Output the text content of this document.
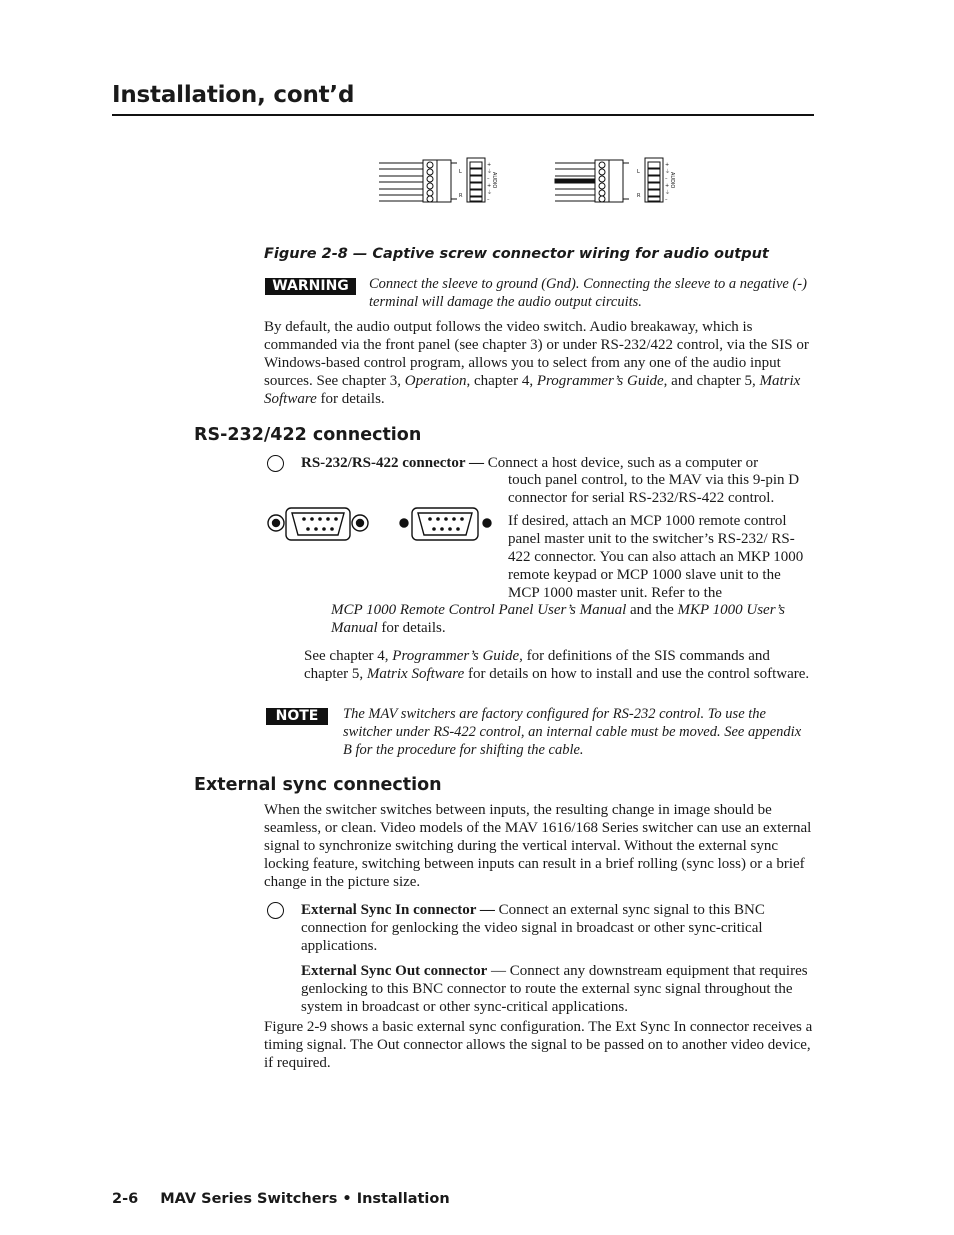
Installation, cont’d
L
R
+
⏚
–
+
⏚
–
AUDIO	L
R
+
⏚
–
+
⏚
–
AUDIO
Figure 2-8 — Captive screw connector wiring for audio output
WARNING	Connect the sleeve to ground (Gnd). Connecting the sleeve to a negative (-) terminal will damage the audio output circuits.
By default, the audio output follows the video switch. Audio breakaway, which is commanded via the front panel (see chapter 3) or under RS-232/422 control, via the SIS or Windows-based control program, allows you to select from any one of the audio input sources. See chapter 3, Operation, chapter 4, Programmer’s Guide, and chapter 5, Matrix Software for details.
RS-232/422 connection
RS-232/RS-422 connector — Connect a host device, such as a computer or
touch panel control, to the MAV via this 9-pin D connector for serial RS-232/RS-422 control.
If desired, attach an MCP 1000 remote control panel master unit to the switcher’s RS-232/ RS-422 connector. You can also attach an MKP 1000 remote keypad or MCP 1000 slave unit to the MCP 1000 master unit. Refer to the
MCP 1000 Remote Control Panel User’s Manual and the MKP 1000 User’s Manual for details.
See chapter 4, Programmer’s Guide, for definitions of the SIS commands and chapter 5, Matrix Software for details on how to install and use the control software.
NOTE	The MAV switchers are factory configured for RS-232 control. To use the switcher under RS-422 control, an internal cable must be moved. See appendix B for the procedure for shifting the cable.
External sync connection
When the switcher switches between inputs, the resulting change in image should be seamless, or clean. Video models of the MAV 1616/168 Series switcher can use an external signal to synchronize switching during the vertical interval. Without the external sync locking feature, switching between inputs can result in a brief rolling (sync loss) or a brief change in the picture size.
External Sync In connector — Connect an external sync signal to this BNC connection for genlocking the video signal in broadcast or other sync-critical applications.
External Sync Out connector — Connect any downstream equipment that requires genlocking to this BNC connector to route the external sync signal throughout the system in broadcast or other sync-critical applications.
Figure 2-9 shows a basic external sync configuration. The Ext Sync In connector receives a timing signal. The Out connector allows the signal to be passed on to another video device, if required.
2-6 MAV Series Switchers • Installation
